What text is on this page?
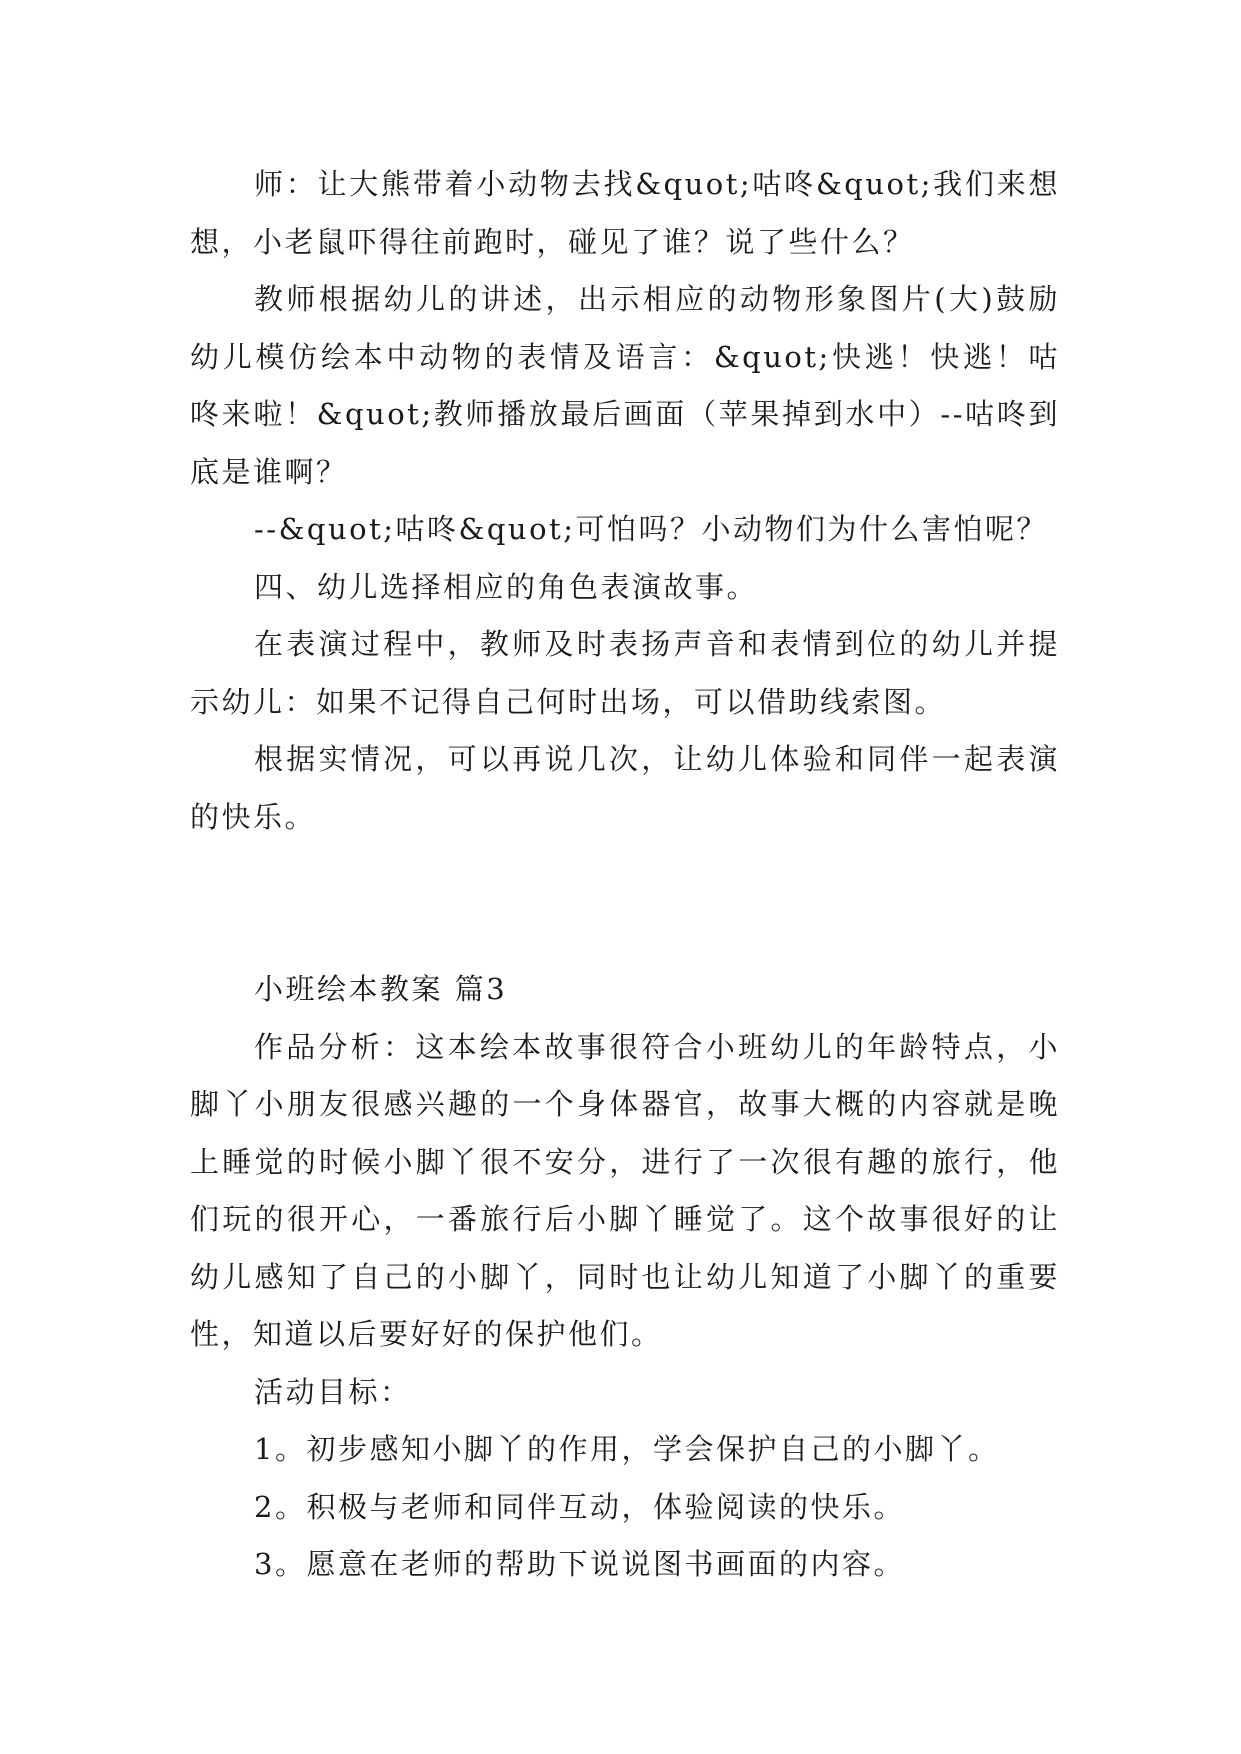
师：让大熊带着小动物去找&quot;咕咚&quot;我们来想想，小老鼠吓得往前跑时，碰见了谁？说了些什么？

教师根据幼儿的讲述，出示相应的动物形象图片(大)鼓励幼儿模仿绘本中动物的表情及语言：&quot;快逃！快逃！咕咚来啦！&quot;教师播放最后画面（苹果掉到水中）--咕咚到底是谁啊？

--&quot;咕咚&quot;可怕吗？小动物们为什么害怕呢？

四、幼儿选择相应的角色表演故事。

在表演过程中，教师及时表扬声音和表情到位的幼儿并提示幼儿：如果不记得自己何时出场，可以借助线索图。

根据实情况，可以再说几次，让幼儿体验和同伴一起表演的快乐。

小班绘本教案 篇3

作品分析：这本绘本故事很符合小班幼儿的年龄特点，小脚丫小朋友很感兴趣的一个身体器官，故事大概的内容就是晚上睡觉的时候小脚丫很不安分，进行了一次很有趣的旅行，他们玩的很开心，一番旅行后小脚丫睡觉了。这个故事很好的让幼儿感知了自己的小脚丫，同时也让幼儿知道了小脚丫的重要性，知道以后要好好的保护他们。

活动目标：

1。初步感知小脚丫的作用，学会保护自己的小脚丫。

2。积极与老师和同伴互动，体验阅读的快乐。

3。愿意在老师的帮助下说说图书画面的内容。
